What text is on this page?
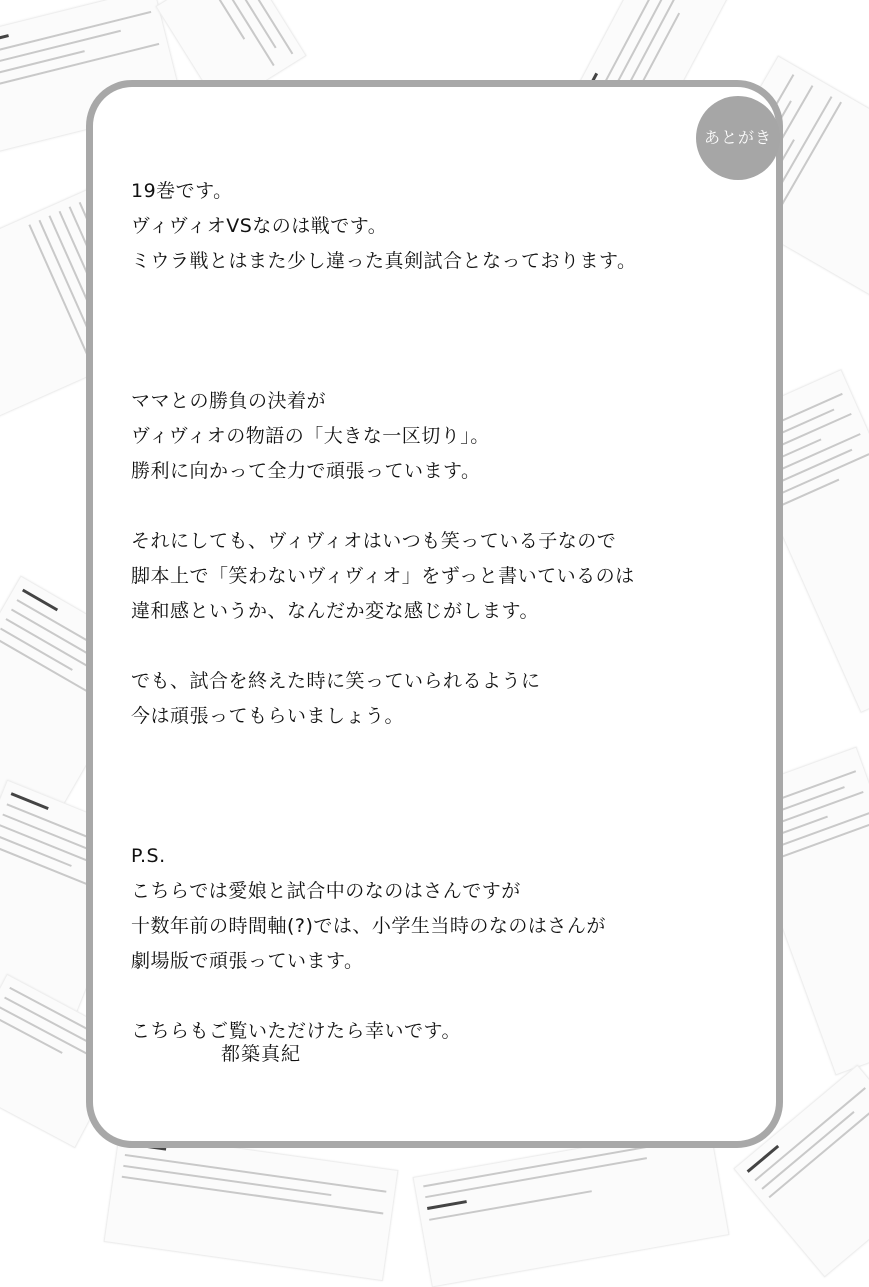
あとがき

19巻です。

ヴィヴィオVSなのは戦です。

ミウラ戦とはまた少し違った真剣試合となっております。

ママとの勝負の決着が

ヴィヴィオの物語の「大きな一区切り」。

勝利に向かって全力で頑張っています。

それにしても、ヴィヴィオはいつも笑っている子なので

脚本上で「笑わないヴィヴィオ」をずっと書いているのは

違和感というか、なんだか変な感じがします。

でも、試合を終えた時に笑っていられるように

今は頑張ってもらいましょう。

P.S.

こちらでは愛娘と試合中のなのはさんですが

十数年前の時間軸(?)では、小学生当時のなのはさんが

劇場版で頑張っています。

こちらもご覧いただけたら幸いです。

都築真紀
